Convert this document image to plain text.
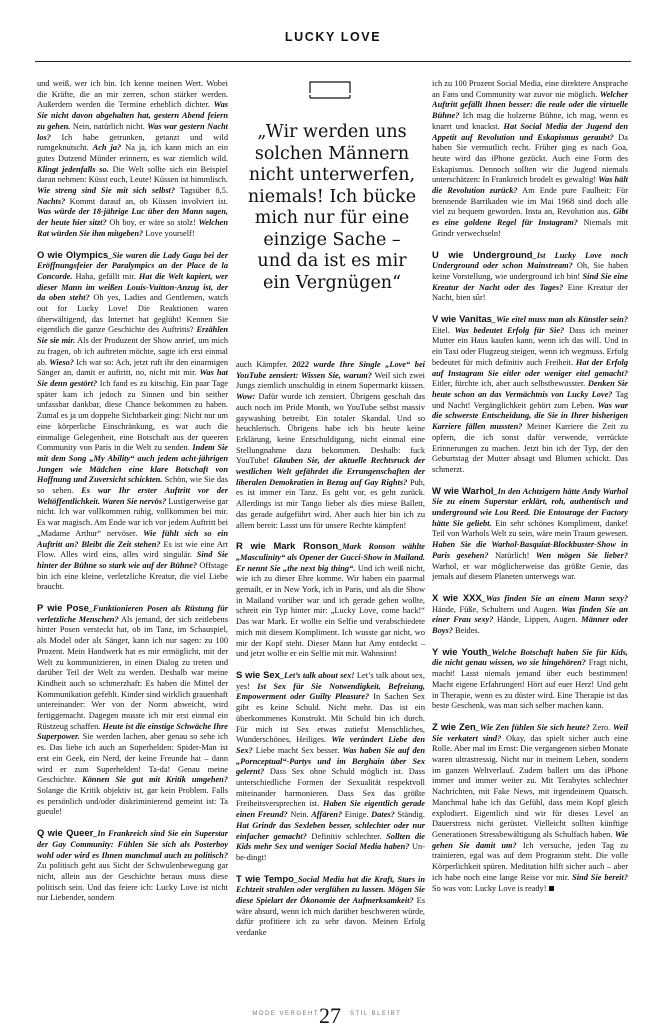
LUCKY LOVE

und weiß, wer ich bin. Ich kenne meinen Wert. Wobei die Kräfte, die an mir zerren, schon stärker werden. Außerdem werden die Termine erheblich dichter. Was Sie nicht davon abgehalten hat, gestern Abend feiern zu gehen. Nein, natürlich nicht. Was war gestern Nacht los? Ich habe getrunken, getanzt und wild rumgeknutscht. Ach ja? Na ja, ich kann mich an ein gutes Dutzend Münder erinnern, es war ziemlich wild. Klingt jedenfalls so. Die Welt sollte sich ein Beispiel daran nehmen: Küsst euch, Leute! Küssen ist himmlisch. Wie streng sind Sie mit sich selbst? Tagsüber 8,5. Nachts? Kommt darauf an, ob Küssen involviert ist. Was würde der 18-jährige Luc über den Mann sagen, der heute hier sitzt? Oh boy, er wäre so stolz! Welchen Rat würden Sie ihm mitgeben? Love yourself!

O wie Olympics_Sie waren die Lady Gaga bei der Eröffnungsfeier der Paralympics an der Place de la Concorde. Haha, gefällt mir. Hat die Welt kapiert, wer dieser Mann im weißen Louis-Vuitton-Anzug ist, der da oben steht? Oh yes, Ladies and Gentlemen, watch out for Lucky Love! Die Reaktionen waren überwältigend, das Internet hat geglüht! Kennen Sie eigentlich die ganze Geschichte des Auftritts? Erzählen Sie sie mir. Als der Produzent der Show anrief, um mich zu fragen, ob ich auftreten möchte, sagte ich erst einmal ab. Wieso? Ich war so: Ach, jetzt ruft ihr den einarmigen Sänger an, damit er auftritt, no, nicht mit mir. Was hat Sie denn gestört? Ich fand es zu kitschig. Ein paar Tage später kam ich jedoch zu Sinnen und bin seither unfassbar dankbar, diese Chance bekommen zu haben. Zumal es ja um doppelte Sichtbarkeit ging: Nicht nur um eine körperliche Einschränkung, es war auch die einmalige Gelegenheit, eine Botschaft aus der queeren Community von Paris in die Welt zu senden. Indem Sie mit dem Song „My Ability“ auch jedem acht-jährigen Jungen wie Mädchen eine klare Botschaft von Hoffnung und Zuversicht schickten. Schön, wie Sie das so sehen. Es war Ihr erster Auftritt vor der Weltöffentlichkeit. Waren Sie nervös? Lustigerweise gar nicht. Ich war vollkommen ruhig, vollkommen bei mir. Es war magisch. Am Ende war ich vor jedem Auftritt bei „Madame Arthur“ nervöser. Wie fühlt sich so ein Auftritt an? Bleibt die Zeit stehen? Es ist wie eine Art Flow. Alles wird eins, alles wird singulär. Sind Sie hinter der Bühne so stark wie auf der Bühne? Offstage bin ich eine kleine, verletzliche Kreatur, die viel Liebe braucht.

P wie Pose_Funktionieren Posen als Rüstung für verletzliche Menschen? Als jemand, der sich zeitlebens hinter Posen versteckt hat, ob im Tanz, im Schauspiel, als Model oder als Sänger, kann ich nur sagen: zu 100 Prozent. Mein Handwerk hat es mir ermöglicht, mit der Welt zu kommunizieren, in einen Dialog zu treten und darüber Teil der Welt zu werden. Deshalb war meine Kindheit auch so schmerzhaft: Es haben die Mittel der Kommunikation gefehlt. Kinder sind wirklich grauenhaft untereinander: Wer von der Norm abweicht, wird fertiggemacht. Dagegen musste ich mir erst einmal ein Rüstzeug schaffen. Heute ist die einstige Schwäche Ihre Superpower. Sie werden lachen, aber genau so sehe ich es. Das liebe ich auch an Superhelden: Spider-Man ist erst ein Geek, ein Nerd, der keine Freunde hat – dann wird er zum Superhelden! Ta-da! Genau meine Geschichte. Können Sie gut mit Kritik umgehen? Solange die Kritik objektiv ist, gar kein Problem. Falls es persönlich und/oder diskriminierend gemeint ist: Ta gueule!

Q wie Queer_In Frankreich sind Sie ein Superstar der Gay Community: Fühlen Sie sich als Posterboy wohl oder wird es Ihnen manchmal auch zu politisch? Zu politisch geht aus Sicht der Schwulenbewegung gar nicht, allein aus der Geschichte heraus muss diese politisch sein. Und das feiere ich: Lucky Love ist nicht nur Liebender, sondern

„Wir werden uns solchen Männern nicht unterwerfen, niemals! Ich bücke mich nur für eine einzige Sache – und da ist es mir ein Vergnügen“

auch Kämpfer. 2022 wurde Ihre Single „Love“ bei YouTube zensiert: Wissen Sie, warum? Weil sich zwei Jungs ziemlich unschuldig in einem Supermarkt küssen. Wow: Dafür wurde ich zensiert. Übrigens geschah das auch noch im Pride Month, wo YouTube selbst massiv gaywashing betreibt. Ein totaler Skandal. Und so heuchlerisch. Übrigens habe ich bis heute keine Erklärung, keine Entschuldigung, nicht einmal eine Stellungnahme dazu bekommen. Deshalb: fuck YouTube! Glauben Sie, der aktuelle Rechtsruck der westlichen Welt gefährdet die Errungenschaften der liberalen Demokratien in Bezug auf Gay Rights? Puh, es ist immer ein Tanz. Es geht vor, es geht zurück. Allerdings ist mir Tango lieber als dies miese Ballett, das gerade aufgeführt wird. Aber auch hier bin ich zu allem bereit: Lasst uns für unsere Rechte kämpfen!

R wie Mark Ronson_Mark Ronson wählte „Masculinity“ als Opener der Gucci-Show in Mailand. Er nennt Sie „the next big thing“. Und ich weiß nicht, wie ich zu dieser Ehre komme. Wir haben ein paarmal gemailt, er in New York, ich in Paris, und als die Show in Mailand vorüber war und ich gerade gehen wollte, schreit ein Typ hinter mir: „Lucky Love, come back!“ Das war Mark. Er wollte ein Selfie und verabschiedete mich mit diesem Kompliment. Ich wusste gar nicht, wo mir der Kopf steht. Dieser Mann hat Amy entdeckt – und jetzt wollte er ein Selfie mit mir. Wahnsinn!

S wie Sex_Let’s talk about sex! Let’s talk about sex, yes! Ist Sex für Sie Notwendigkeit, Befreiung, Empowerment oder Guilty Pleasure? In Sachen Sex gibt es keine Schuld. Nicht mehr. Das ist ein überkommenes Konstrukt. Mit Schuld bin ich durch. Für mich ist Sex etwas zutiefst Menschliches, Wunderschönes, Heiliges. Wie veründert Liebe den Sex? Liebe macht Sex besser. Was haben Sie auf den „Pornceptual“-Partys und im Berghain über Sex gelernt? Dass Sex ohne Schuld möglich ist. Dass unterschiedliche Formen der Sexualität respektvoll miteinander harmonieren. Dass Sex das größte Freiheitsversprechen ist. Haben Sie eigentlich gerade einen Freund? Nein. Affären? Einige. Dates? Ständig. Hat Grindr das Sexleben besser, schlechter oder nur einfacher gemacht? Definitiv schlechter. Sollten die Kids mehr Sex und weniger Social Media haben? Un-be-dingt!

T wie Tempo_Social Media hat die Kraft, Stars in Echtzeit strahlen oder verglühen zu lassen. Mögen Sie diese Spielart der Ökonomie der Aufmerksamkeit? Es wäre absurd, wenn ich mich darüber beschweren würde, dafür profitiere ich zu sehr davon. Meinen Erfolg verdanke

ich zu 100 Prozent Social Media, eine direktere Ansprache an Fans und Community war zuvor nie möglich. Welcher Auftritt gefällt Ihnen besser: die reale oder die virtuelle Bühne? Ich mag die holzerne Bühne, ich mag, wenn es knarrt und knackst. Hat Social Media der Jugend den Appetit auf Revolution und Eskapismus geraubt? Da haben Sie vermutlich recht. Früher ging es nach Goa, heute wird das iPhone gezückt. Auch eine Form des Eskapismus. Dennoch sollten wir die Jugend niemals unterschätzen: In Frankreich brodelt es gewaltig! Was hält die Revolution zurück? Am Ende pure Faulheit: Für brennende Barrikaden wie im Mai 1968 sind doch alle viel zu bequem geworden. Insta an, Revolution aus. Gibt es eine goldene Regel für Instagram? Niemals mit Grindr verwechseln!

U wie Underground_Ist Lucky Love noch Underground oder schon Mainstream? Oh, Sie haben keine Vorstellung, wie underground ich bin! Sind Sie eine Kreatur der Nacht oder des Tages? Eine Kreatur der Nacht, bien sûr!

V wie Vanitas_Wie eitel muss man als Künstler sein? Eitel. Was bedeutet Erfolg für Sie? Dass ich meiner Mutter ein Haus kaufen kann, wenn ich das will. Und in ein Taxi oder Flugzeug steigen, wenn ich wegmuss. Erfolg bedeutet für mich definitiv auch Freiheit. Hat der Erfolg auf Instagram Sie eitler oder weniger eitel gemacht? Eitler, fürchte ich, aber auch selbstbewusster. Denken Sie heute schon an das Vermächtnis von Lucky Love? Tag und Nacht! Vergänglichkeit gehört zum Leben. Was war die schwerste Entscheidung, die Sie in Ihrer bisherigen Karriere fällen mussten? Meiner Karriere die Zeit zu opfern, die ich sonst dafür verwende, verrückte Erinnerungen zu machen. Jetzt bin ich der Typ, der den Geburtstag der Mutter absagt und Blumen schickt. Das schmerzt.

W wie Warhol_In den Achtzigern hätte Andy Warhol Sie zu einem Superstar erklärt, roh, authentisch und underground wie Lou Reed. Die Entourage der Factory hätte Sie geliebt. Ein sehr schönes Kompliment, danke! Teil von Warhols Welt zu sein, wäre mein Traum gewesen. Haben Sie die Warhol-Basquiat-Blockbuster-Show in Paris gesehen? Natürlich! Wen mögen Sie lieber? Warhol, er war möglicherweise das größte Genie, das jemals auf diesem Planeten unterwegs war.

X wie XXX_Was finden Sie an einem Mann sexy? Hände, Füße, Schultern und Augen. Was finden Sie an einer Frau sexy? Hände, Lippen, Augen. Männer oder Boys? Beides.

Y wie Youth_Welche Botschaft haben Sie für Kids, die nicht genau wissen, wo sie hingehören? Fragt nicht, macht! Lasst niemals jemand über euch bestimmen! Macht eigene Erfahrungen! Hört auf euer Herz! Und geht in Therapie, wenn es zu düster wird. Eine Therapie ist das beste Geschenk, was man sich selber machen kann.

Z wie Zen_Wie Zen fühlen Sie sich heute? Zero. Weil Sie verkatert sind? Okay, das spielt sicher auch eine Rolle. Aber mal im Ernst: Die vergangenen sieben Monate waren ultrastressig. Nicht nur in meinem Leben, sondern im ganzen Weltverlauf. Zudem ballert uns das iPhone immer und immer weiter zu. Mit Terabytes schlechter Nachrichten, mit Fake News, mit irgendeinem Quatsch. Manchmal habe ich das Gefühl, dass mein Kopf gleich explodiert. Eigentlich sind wir für dieses Level an Dauerstress nicht gerüstet. Vielleicht sollten künftige Generationen Stressbewältigung als Schulfach haben. Wie gehen Sie damit um? Ich versuche, jeden Tag zu trainieren, egal was auf dem Programm steht. Die volle Körperlichkeit spüren. Meditation hilft sicher auch – aber ich habe noch eine lange Reise vor mir. Sind Sie bereit? So was von: Lucky Love is ready!

MODE VERGEHT 27 STIL BLEIBT
